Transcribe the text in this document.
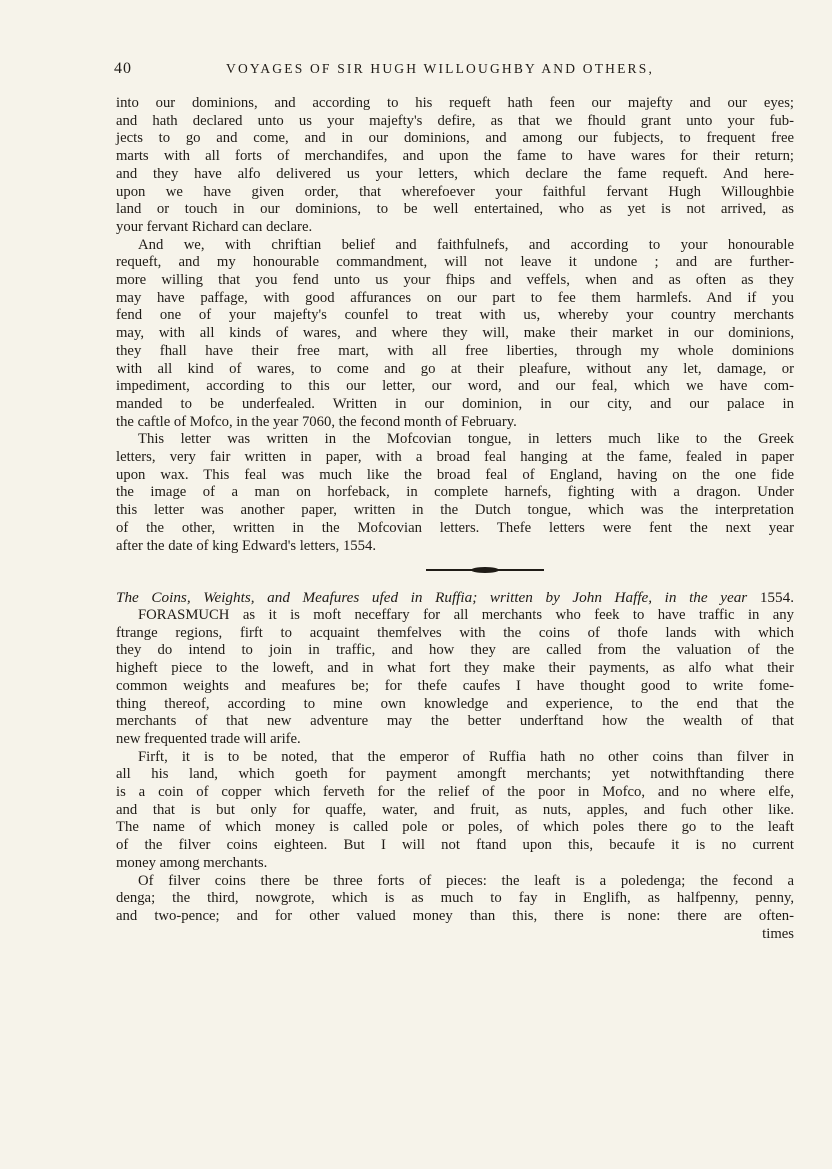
40	VOYAGES OF SIR HUGH WILLOUGHBY AND OTHERS,

into our dominions, and according to his requeft hath feen our majefty and our eyes;
and hath declared unto us your majefty's defire, as that we fhould grant unto your fub-
jects to go and come, and in our dominions, and among our fubjects, to frequent free
marts with all forts of merchandifes, and upon the fame to have wares for their return;
and they have alfo delivered us your letters, which declare the fame requeft. And here-
upon we have given order, that wherefoever your faithful fervant Hugh Willoughbie
land or touch in our dominions, to be well entertained, who as yet is not arrived, as
your fervant Richard can declare.

And we, with chriftian belief and faithfulnefs, and according to your honourable
requeft, and my honourable commandment, will not leave it undone ; and are further-
more willing that you fend unto us your fhips and veffels, when and as often as they
may have paffage, with good affurances on our part to fee them harmlefs. And if you
fend one of your majefty's counfel to treat with us, whereby your country merchants
may, with all kinds of wares, and where they will, make their market in our dominions,
they fhall have their free mart, with all free liberties, through my whole dominions
with all kind of wares, to come and go at their pleafure, without any let, damage, or
impediment, according to this our letter, our word, and our feal, which we have com-
manded to be underfealed. Written in our dominion, in our city, and our palace in
the caftle of Mofco, in the year 7060, the fecond month of February.

This letter was written in the Mofcovian tongue, in letters much like to the Greek
letters, very fair written in paper, with a broad feal hanging at the fame, fealed in paper
upon wax. This feal was much like the broad feal of England, having on the one fide
the image of a man on horfeback, in complete harnefs, fighting with a dragon. Under
this letter was another paper, written in the Dutch tongue, which was the interpretation
of the other, written in the Mofcovian letters. Thefe letters were fent the next year
after the date of king Edward's letters, 1554.

The Coins, Weights, and Meafures ufed in Ruffia; written by John Haffe, in the year 1554.

FORASMUCH as it is moft neceffary for all merchants who feek to have traffic in any
ftrange regions, firft to acquaint themfelves with the coins of thofe lands with which
they do intend to join in traffic, and how they are called from the valuation of the
higheft piece to the loweft, and in what fort they make their payments, as alfo what their
common weights and meafures be; for thefe caufes I have thought good to write fome-
thing thereof, according to mine own knowledge and experience, to the end that the
merchants of that new adventure may the better underftand how the wealth of that
new frequented trade will arife.

Firft, it is to be noted, that the emperor of Ruffia hath no other coins than filver in
all his land, which goeth for payment amongft merchants; yet notwithftanding there
is a coin of copper which ferveth for the relief of the poor in Mofco, and no where elfe,
and that is but only for quaffe, water, and fruit, as nuts, apples, and fuch other like.
The name of which money is called pole or poles, of which poles there go to the leaft
of the filver coins eighteen. But I will not ftand upon this, becaufe it is no current
money among merchants.

Of filver coins there be three forts of pieces: the leaft is a poledenga; the fecond a
denga; the third, nowgrote, which is as much to fay in Englifh, as halfpenny, penny,
and two-pence; and for other valued money than this, there is none: there are often-

times
